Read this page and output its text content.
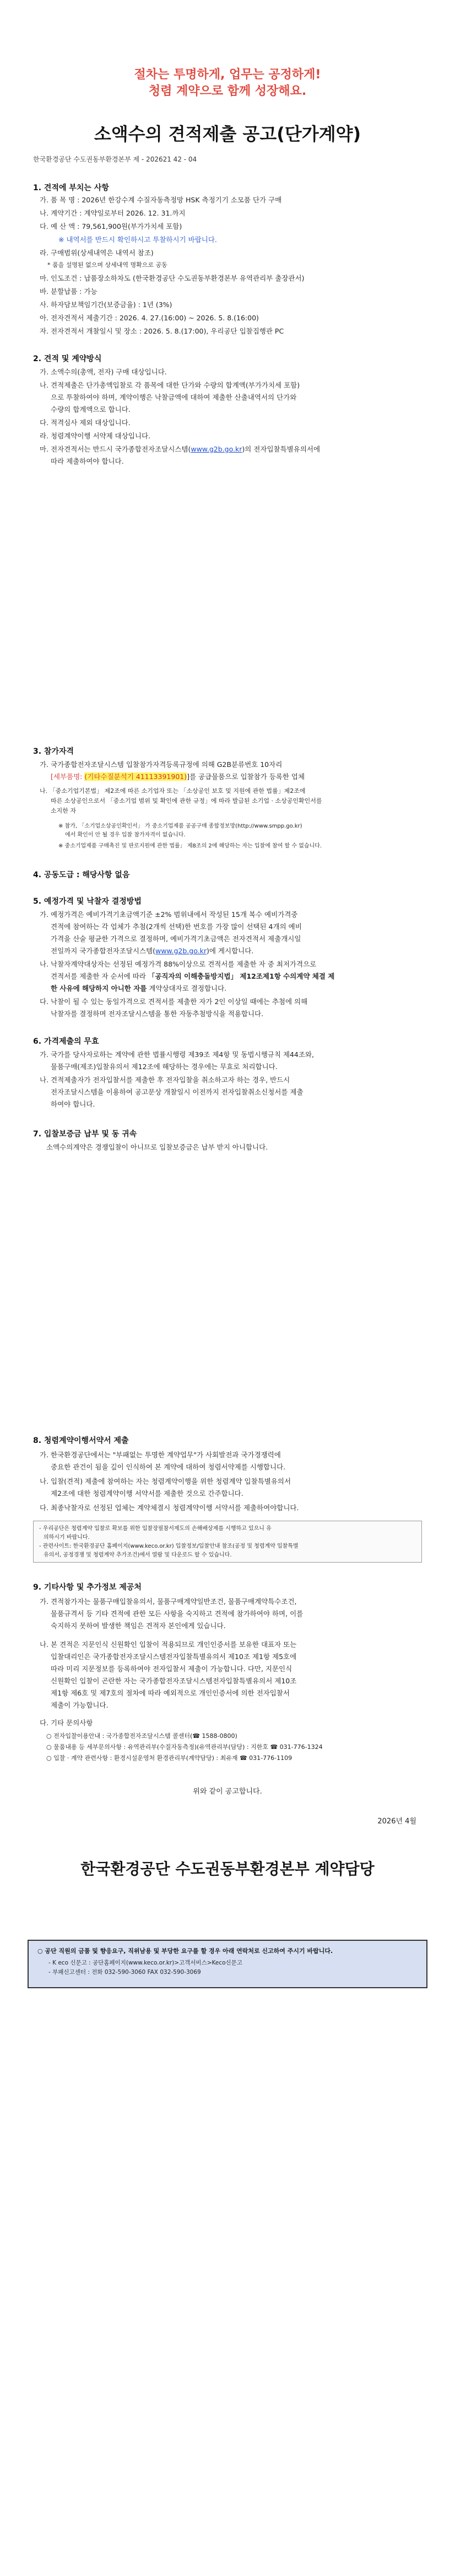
절차는 투명하게, 업무는 공정하게!
청렴 계약으로 함께 성장해요.
소액수의 견적제출 공고(단가계약)
한국환경공단 수도권동부환경본부 제 - 202621 42 - 04
1. 견적에 부치는 사항
가. 품 목 명 : 2026년 한강수계 수질자동측정망 HSK 측정기기 소모품 단가 구매
나. 계약기간 : 계약일로부터 2026. 12. 31.까지
다. 예 산 액 : 79,561,900원(부가가치세 포함)
※ 내역서를 반드시 확인하시고 투찰하시기 바랍니다.
라. 구매범위(상세내역은 내역서 참조)
* 품을 설명된 없으며 상세내역 명확으로 공동
마. 인도조건 : 납품장소하차도 (한국환경공단 수도권동부환경본부 유역관리부 출장관서)
바. 분할납품 : 가능
사. 하자담보책임기간(보증금율) : 1년 (3%)
아. 전자견적서 제출기간 : 2026. 4. 27.(16:00) ~ 2026. 5. 8.(16:00)
자. 전자견적서 개찰일시 및 장소 : 2026. 5. 8.(17:00), 우리공단 입찰집행관 PC
2. 견적 및 계약방식
가. 소액수의(총액, 전자) 구매 대상입니다.
나. 견적제출은 단가총액입찰로 각 품목에 대한 단가와 수량의 합계액(부가가치세 포함)
으로 투찰하여야 하며, 계약이행은 낙찰금액에 대하여 제출한 산출내역서의 단가와
수량의 합계액으로 합니다.
다. 적격심사 제외 대상입니다.
라. 청렴계약이행 서약제 대상입니다.
마. 전자견적서는 반드시 국가종합전자조달시스템(www.g2b.go.kr)의 전자입찰특별유의서에
따라 제출하여야 합니다.
3. 참가자격
가. 국가종합전자조달시스템 입찰참가자격등록규정에 의해 G2B분류번호 10자리
[세부품명: (기타수질분석기 41113391901)]를 공급물품으로 입찰참가 등록한 업체
나. 「중소기업기본법」 제2조에 따른 소기업자 또는 「소상공인 보호 및 지원에 관한 법률」제2조에
따른 소상공인으로서 「중소기업 범위 및 확인에 관한 규정」에 따라 발급된 소기업 · 소상공인확인서를
소지한 자
※ 참가, 「소기업소상공인확인서」 가 중소기업제품 공공구매 종합정보망(http://www.smpp.go.kr)
에서 확인이 안 될 경우 입찰 참가자격이 없습니다.
※ 중소기업제품 구매촉진 및 판로지원에 관한 법률」 제8조의 2에 해당하는 자는 입찰에 참여 할 수 없습니다.
4. 공동도급 : 해당사항 없음
5. 예정가격 및 낙찰자 결정방법
가. 예정가격은 예비가격기초금액기준 ±2% 범위내에서 작성된 15개 복수 예비가격중
견적에 참여하는 각 업체가 추첨(2개씩 선택)한 번호를 가장 많이 선택된 4개의 예비
가격을 산술 평균한 가격으로 결정하며, 예비가격기초금액은 전자견적서 제출개시일
전일까지 국가종합전자조달시스템(www.g2b.go.kr)에 게시합니다.
나. 낙찰자계약대상자는 선정된 예정가격 88%이상으로 견적서를 제출한 자 중 최저가격으로
견적서를 제출한 자 순서에 따라 「공직자의 이해충돌방지법」 제12조제1항 수의계약 체결 제
한 사유에 해당하지 아니한 자를 계약상대자로 결정합니다.
다. 낙찰이 될 수 있는 동일가격으로 견적서를 제출한 자가 2인 이상일 때에는 추첨에 의해
낙찰자를 결정하며 전자조달시스템을 통한 자동추첨방식을 적용합니다.
6. 가격제출의 무효
가. 국가를 당사자로하는 계약에 관한 법률시행령 제39조 제4항 및 동법시행규칙 제44조와,
물품구매(제조)입찰유의서 제12조에 해당하는 경우에는 무효로 처리합니다.
나. 견적제출자가 전자입찰서를 제출한 후 전자입찰을 취소하고자 하는 경우, 반드시
전자조달시스템을 이용하여 공고문상 개찰일시 이전까지 전자입찰취소신청서를 제출
하여야 합니다.
7. 입찰보증금 납부 및 동 귀속
소액수의계약은 경쟁입찰이 아니므로 입찰보증금은 납부 받지 아니합니다.
8. 청렴계약이행서약서 제출
가. 한국환경공단에서는 "부패없는 투명한 계약업무"가 사회발전과 국가경쟁력에
중요한 관건이 됨을 깊이 인식하여 본 계약에 대하여 청렴서약제를 시행합니다.
나. 입찰(견적) 제출에 참여하는 자는 청렴계약이행을 위한 청렴계약 입찰특별유의서
제2조에 대한 청렴계약이행 서약서를 제출한 것으로 간주합니다.
다. 최종낙찰자로 선정된 업체는 계약체결시 청렴계약이행 서약서를 제출하여야합니다.
- 우리공단은 청렴계약 입찰로 확보를 위한 입찰장필참서제도의 손해배상제를 시행하고 있으니 유
의하시기 바랍니다.
- 관련사이트: 한국환경공단 홈페이지(www.keco.or.kr) 입찰정보/입찰안내 참조(공정 및 청렴계약 입찰특별
유의서, 공정경쟁 및 청렴계약 추가조건)에서 열람 및 다운로드 할 수 있습니다.
9. 기타사항 및 추가정보 제공처
가. 견적참가자는 물품구매입찰유의서, 물품구매계약일반조건, 물품구매계약특수조건,
물품규격서 등 기타 견적에 관한 모든 사항을 숙지하고 견적에 참가하여야 하며, 이를
숙지하지 못하여 발생한 책임은 견적자 본인에게 있습니다.
나. 본 견적은 지문인식 신원확인 입찰이 적용되므로 개인인증서를 보유한 대표자 또는
입찰대리인은 국가종합전자조달시스템전자입찰특별유의서 제10조 제1항 제5호에
따라 미리 지문정보를 등록하여야 전자입찰서 제출이 가능합니다. 다만, 지문인식
신원확인 입찰이 곤란한 자는 국가종합전자조달시스템전자입찰특별유의서 제10조
제1항 제6호 및 제7호의 절차에 따라 예외적으로 개인인증서에 의한 전자입찰서
제출이 가능합니다.
다. 기타 문의사항
○ 전자입찰이용안내 : 국가종합전자조달시스템 콜센터(☎ 1588-0800)
○ 물품내용 등 세부문의사항 : 유역관리부(수질자동측정)(유역관리부(담당) : 지한호 ☎ 031-776-1324
○ 입찰 · 계약 관련사항 : 환경시설운영처 환경관리부(계약담당) : 최유재 ☎ 031-776-1109
위와 같이 공고합니다.
2026년 4월
한국환경공단 수도권동부환경본부 계약담당
○ 공단 직원의 금품 및 향응요구, 직위남용 및 부당한 요구를 할 경우 아래 연락처로 신고하여 주시기 바랍니다.
- K eco 신문고 : 공단홈페이지(www.keco.or.kr)>고객서비스>Keco신문고
- 부패신고센터 : 전화 032-590-3060 FAX 032-590-3069
